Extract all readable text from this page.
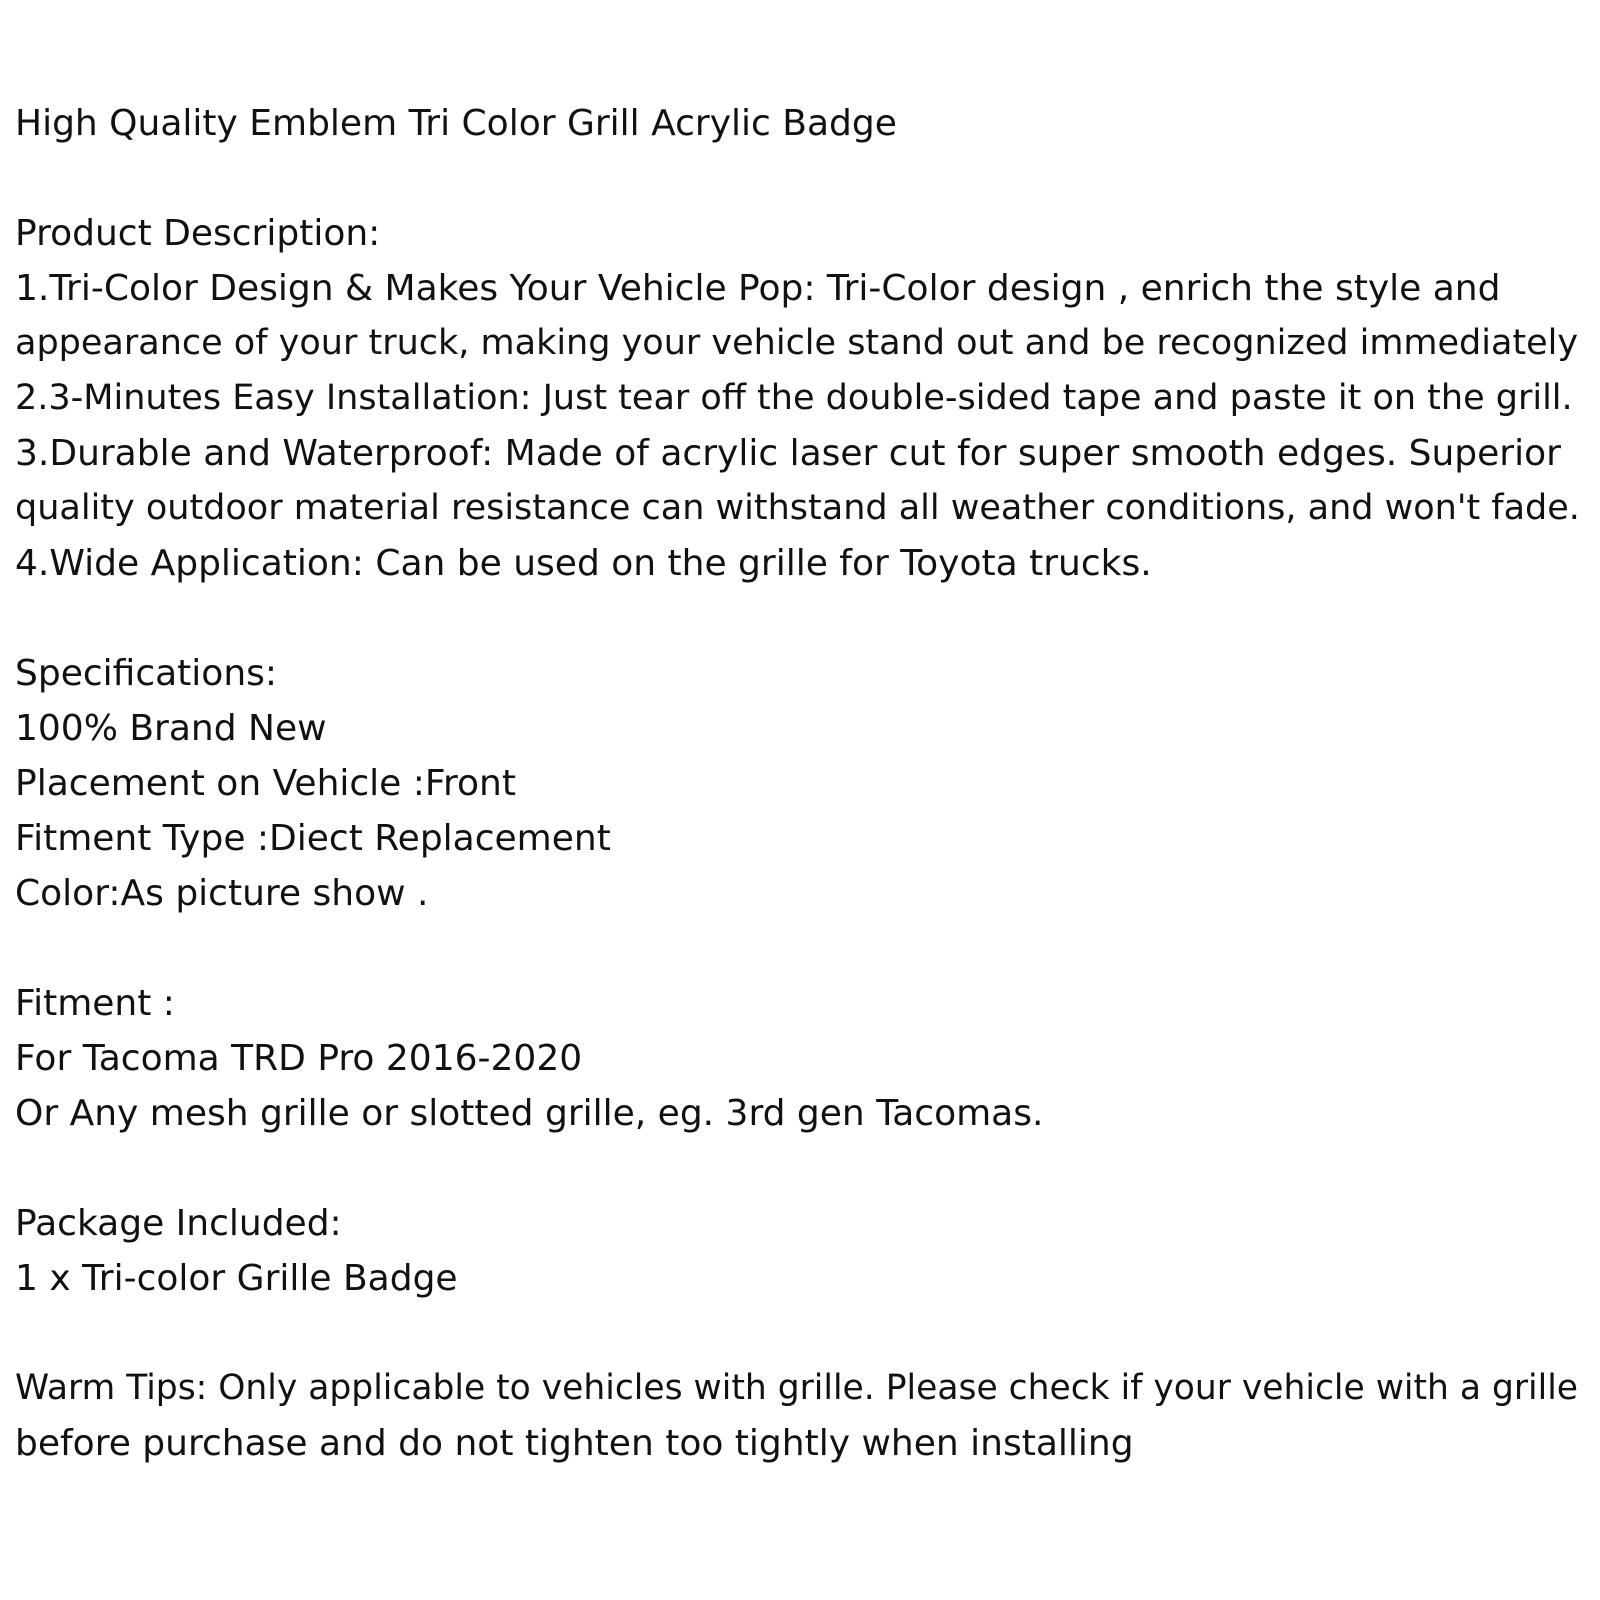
High Quality Emblem Tri Color Grill Acrylic Badge
Product Description:
1.Tri-Color Design & Makes Your Vehicle Pop: Tri-Color design , enrich the style and
appearance of your truck, making your vehicle stand out and be recognized immediately
2.3-Minutes Easy Installation: Just tear off the double-sided tape and paste it on the grill.
3.Durable and Waterproof: Made of acrylic laser cut for super smooth edges. Superior
quality outdoor material resistance can withstand all weather conditions, and won't fade.
4.Wide Application: Can be used on the grille for Toyota trucks.
Specifications:
100% Brand New
Placement on Vehicle :Front
Fitment Type :Diect Replacement
Color:As picture show .
Fitment :
For Tacoma TRD Pro 2016-2020
Or Any mesh grille or slotted grille, eg. 3rd gen Tacomas.
Package Included:
1 x Tri-color Grille Badge
Warm Tips: Only applicable to vehicles with grille. Please check if your vehicle with a grille
before purchase and do not tighten too tightly when installing
